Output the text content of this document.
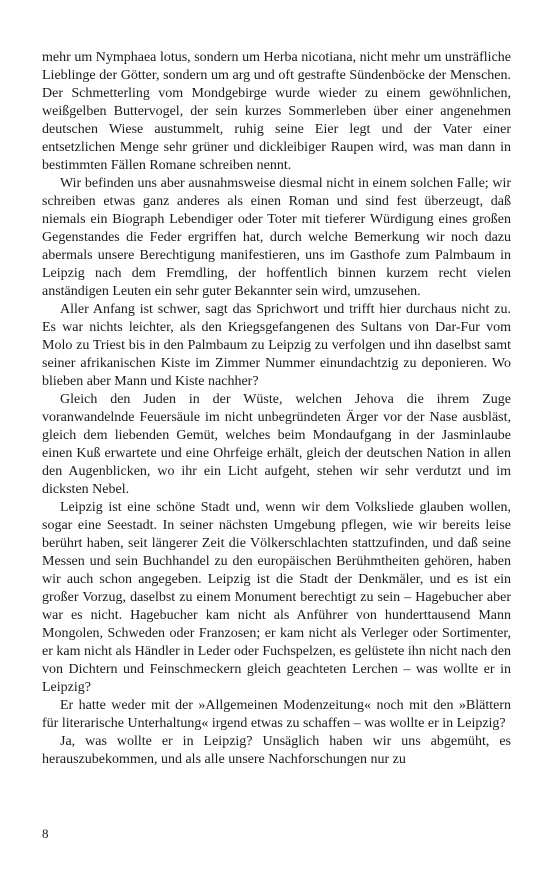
mehr um Nymphaea lotus, sondern um Herba nicotiana, nicht mehr um unsträfliche Lieblinge der Götter, sondern um arg und oft gestrafte Sündenböcke der Menschen. Der Schmetterling vom Mondgebirge wurde wieder zu einem gewöhnlichen, weißgelben Buttervogel, der sein kurzes Sommerleben über einer angenehmen deutschen Wiese austummelt, ruhig seine Eier legt und der Vater einer entsetzlichen Menge sehr grüner und dickleibiger Raupen wird, was man dann in bestimmten Fällen Romane schreiben nennt.

Wir befinden uns aber ausnahmsweise diesmal nicht in einem solchen Falle; wir schreiben etwas ganz anderes als einen Roman und sind fest überzeugt, daß niemals ein Biograph Lebendiger oder Toter mit tieferer Würdigung eines großen Gegenstandes die Feder ergriffen hat, durch welche Bemerkung wir noch dazu abermals unsere Berechtigung manifestieren, uns im Gasthofe zum Palmbaum in Leipzig nach dem Fremdling, der hoffentlich binnen kurzem recht vielen anständigen Leuten ein sehr guter Bekannter sein wird, umzusehen.

Aller Anfang ist schwer, sagt das Sprichwort und trifft hier durchaus nicht zu. Es war nichts leichter, als den Kriegsgefangenen des Sultans von Dar-Fur vom Molo zu Triest bis in den Palmbaum zu Leipzig zu verfolgen und ihn daselbst samt seiner afrikanischen Kiste im Zimmer Nummer einundachtzig zu deponieren. Wo blieben aber Mann und Kiste nachher?

Gleich den Juden in der Wüste, welchen Jehova die ihrem Zuge voranwandelnde Feuersäule im nicht unbegründeten Ärger vor der Nase ausbläst, gleich dem liebenden Gemüt, welches beim Mondaufgang in der Jasminlaube einen Kuß erwartete und eine Ohrfeige erhält, gleich der deutschen Nation in allen den Augenblicken, wo ihr ein Licht aufgeht, stehen wir sehr verdutzt und im dicksten Nebel.

Leipzig ist eine schöne Stadt und, wenn wir dem Volksliede glauben wollen, sogar eine Seestadt. In seiner nächsten Umgebung pflegen, wie wir bereits leise berührt haben, seit längerer Zeit die Völkerschlachten stattzufinden, und daß seine Messen und sein Buchhandel zu den europäischen Berühmtheiten gehören, haben wir auch schon angegeben. Leipzig ist die Stadt der Denkmäler, und es ist ein großer Vorzug, daselbst zu einem Monument berechtigt zu sein – Hagebucher aber war es nicht. Hagebucher kam nicht als Anführer von hunderttausend Mann Mongolen, Schweden oder Franzosen; er kam nicht als Verleger oder Sortimenter, er kam nicht als Händler in Leder oder Fuchspelzen, es gelüstete ihn nicht nach den von Dichtern und Feinschmeckern gleich geachteten Lerchen – was wollte er in Leipzig?

Er hatte weder mit der »Allgemeinen Modenzeitung« noch mit den »Blättern für literarische Unterhaltung« irgend etwas zu schaffen – was wollte er in Leipzig?

Ja, was wollte er in Leipzig? Unsäglich haben wir uns abgemüht, es herauszubekommen, und als alle unsere Nachforschungen nur zu

8
